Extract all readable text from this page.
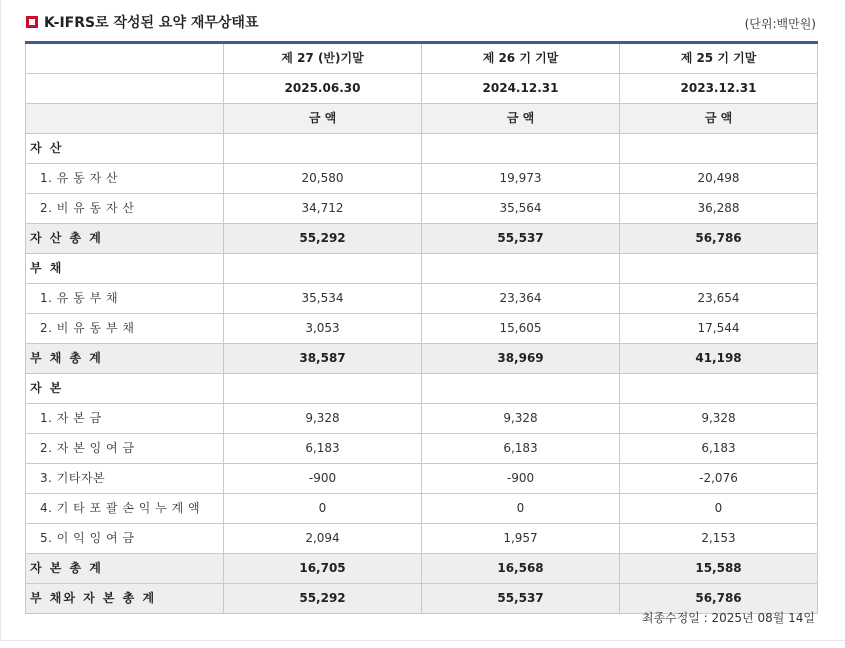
K-IFRS로 작성된 요약 재무상태표	(단위:백만원)
	제 27 (반)기말	제 26 기 기말	제 25 기 기말
	2025.06.30	2024.12.31	2023.12.31
	금 액	금 액	금 액
자 산			
1. 유 동 자 산	20,580	19,973	20,498
2. 비 유 동 자 산	34,712	35,564	36,288
자 산 총 계	55,292	55,537	56,786
부 채			
1. 유 동 부 채	35,534	23,364	23,654
2. 비 유 동 부 채	3,053	15,605	17,544
부 채 총 계	38,587	38,969	41,198
자 본			
1. 자 본 금	9,328	9,328	9,328
2. 자 본 잉 여 금	6,183	6,183	6,183
3. 기타자본	-900	-900	-2,076
4. 기 타 포 괄 손 익 누 계 액	0	0	0
5. 이 익 잉 여 금	2,094	1,957	2,153
자 본 총 계	16,705	16,568	15,588
부 채와 자 본 총 계	55,292	55,537	56,786
최종수정일 : 2025년 08월 14일
